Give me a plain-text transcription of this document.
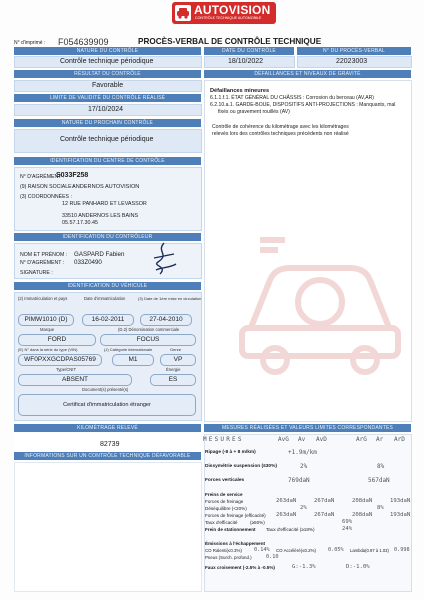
AUTOVISION
CONTRÔLE TECHNIQUE AUTOMOBILE
N° d'imprimé : F054639909	PROCÈS-VERBAL DE CONTRÔLE TECHNIQUE
NATURE DU CONTRÔLE	DATE DU CONTRÔLE	N° DU PROCÈS-VERBAL
Contrôle technique périodique	18/10/2022	22023003
RÉSULTAT DU CONTRÔLE	DÉFAILLANCES ET NIVEAUX DE GRAVITÉ
Favorable
Défaillances mineures
6.1.1.f.1. ÉTAT GÉNÉRAL DU CHÂSSIS : Corrosion du berceau (AV,AR)
6.2.10.a.1. GARDE-BOUE, DISPOSITIFS ANTI-PROJECTIONS : Manquants, mal
fixés ou gravement rouillés (AV)
Contrôle de cohérence du kilométrage avec les kilométrages
relevés lors des contrôles techniques précédents non réalisé
LIMITE DE VALIDITÉ DU CONTRÔLE RÉALISÉ
17/10/2024
NATURE DU PROCHAIN CONTRÔLE
Contrôle technique périodique
IDENTIFICATION DU CENTRE DE CONTRÔLE
N° D'AGRÉMENT :
S033F258
(9) RAISON SOCIALE :
ANDERNOS AUTOVISION
(3) COORDONNÉES :
12 RUE PANHARD ET LEVASSOR
33510 ANDERNOS LES BAINS
05.57.17.30.45
IDENTIFICATION DU CONTRÔLEUR
NOM ET PRÉNOM : GASPARD Fabien
N° D'AGRÉMENT : 033Z0490
SIGNATURE :
IDENTIFICATION DU VÉHICULE
(2) Immatriculation et pays	Date d'immatriculation	(3) Date de 1ère mise en circulation
PIMW1010 (D)	16-02-2011	27-04-2010
Marque	(D.2) Dénomination commerciale
FORD	FOCUS
(E) N° dans la série du type (VIN)	(J) Catégorie internationale	Genre
WF0PXXGCDPAS05769	M1	VP
Type/CNIT	Énergie
ABSENT	ES
Document(s) présenté(s)
Certificat d'immatriculation étranger
KILOMÉTRAGE RELEVÉ
82739
INFORMATIONS SUR UN CONTRÔLE TECHNIQUE DÉFAVORABLE
MESURES RÉALISÉES ET VALEURS LIMITES CORRESPONDANTES
MESURES	AvG Av AvD	ArG Ar ArD
Ripage (-8 à + 8 m/km)	+1.9m/km
Dissymétrie suspension (≤30%)	2%	8%
Forces verticales	769daN	567daN
Freins de service
Forces de freinage	263daN	267daN	208daN	193daN
Déséquilibre (<20%)	2%	8%
Forces de freinage (efficacité) 263daN	267daN	208daN	193daN
Taux d'efficacité	(≥50%)	69%
Frein de stationnement Taux d'efficacité (≥18%)	24%
Émissions à l'échappement
CO Ralenti(≤0.3%) 0.14% CO Accéléré(≤0.2%) 0.05% Lambda(0.97 à 1.03) 0.998
Pneus (Surch. profond.)	0.10
Faux croisement (-2.5% à -0.5%)	G:-1.3%	D:-1.0%
